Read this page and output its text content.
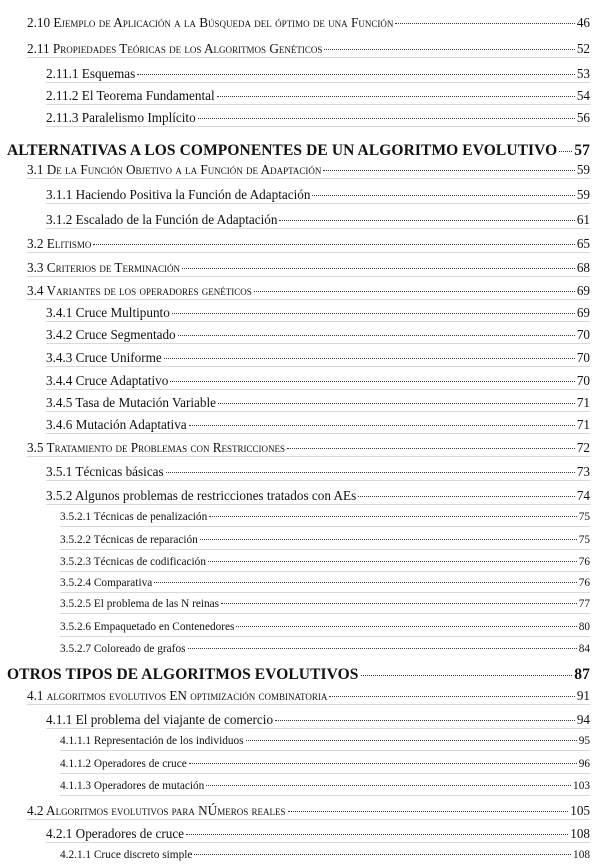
2.10 Ejemplo de Aplicación a la Búsqueda del óptimo de una Función	46
2.11 Propiedades Teóricas de los Algoritmos Genéticos	52
2.11.1 Esquemas	53
2.11.2 El Teorema Fundamental	54
2.11.3 Paralelismo Implícito	56
ALTERNATIVAS A LOS COMPONENTES DE UN ALGORITMO EVOLUTIVO 57
3.1 De la Función Objetivo a la Función de Adaptación	59
3.1.1 Haciendo Positiva la Función de Adaptación	59
3.1.2 Escalado de la Función de Adaptación	61
3.2 Elitismo	65
3.3 Criterios de Terminación	68
3.4 Variantes de los operadores genéticos	69
3.4.1 Cruce Multipunto	69
3.4.2 Cruce Segmentado	70
3.4.3 Cruce Uniforme	70
3.4.4 Cruce Adaptativo	70
3.4.5 Tasa de Mutación Variable	71
3.4.6 Mutación Adaptativa	71
3.5 Tratamiento de Problemas con Restricciones	72
3.5.1 Técnicas básicas	73
3.5.2 Algunos problemas de restricciones tratados con AEs	74
3.5.2.1 Técnicas de penalización	75
3.5.2.2 Técnicas de reparación	75
3.5.2.3 Técnicas de codificación	76
3.5.2.4 Comparativa	76
3.5.2.5 El problema de las N reinas	77
3.5.2.6 Empaquetado en Contenedores	80
3.5.2.7 Coloreado de grafos	84
OTROS TIPOS DE ALGORITMOS EVOLUTIVOS	87
4.1 algoritmos evolutivos EN optimización combinatoria	91
4.1.1 El problema del viajante de comercio	94
4.1.1.1 Representación de los individuos	95
4.1.1.2 Operadores de cruce	96
4.1.1.3 Operadores de mutación	103
4.2 Algoritmos evolutivos para NÚmeros reales	105
4.2.1 Operadores de cruce	108
4.2.1.1 Cruce discreto simple	108
